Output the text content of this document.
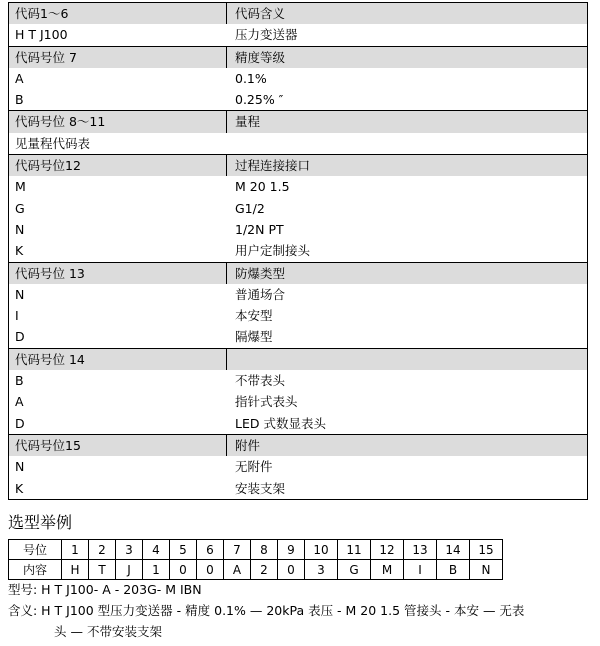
代码1～6	代码含义
H T J100	压力变送器
代码号位 7	精度等级
A	0.1%
B	0.25% ″
代码号位 8～11	量程
见量程代码表
代码号位12	过程连接接口
M	M 20 1.5
G	G1/2
N	1/2N PT
K	用户定制接头
代码号位 13	防爆类型
N	普通场合
I	本安型
D	隔爆型
代码号位 14
B	不带表头
A	指针式表头
D	LED 式数显表头
代码号位15	附件
N	无附件
K	安装支架
选型举例
号位	1	2	3	4	5	6	7	8	9	10	11	12	13	14	15
内容	H	T	J	1	0	0	A	2	0	3	G	M	I	B	N
型号: H T J100- A - 203G- M IBN
含义: H T J100 型压力变送器 - 精度 0.1% — 20kPa 表压 - M 20 1.5 管接头 - 本安 — 无表
头 — 不带安装支架
